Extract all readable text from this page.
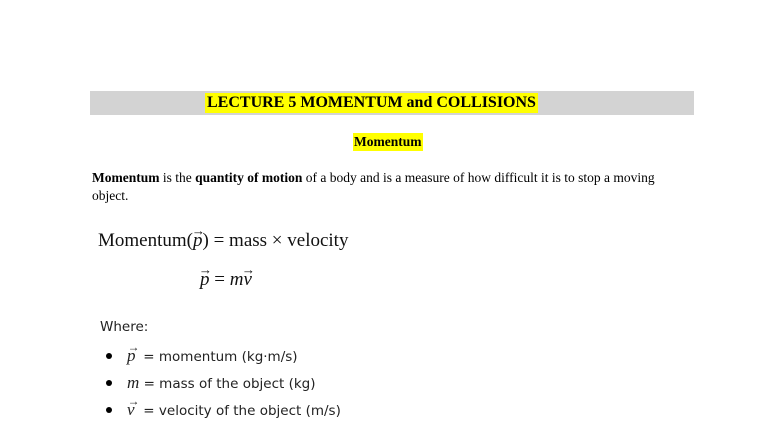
LECTURE 5 MOMENTUM and COLLISIONS
Momentum
Momentum is the quantity of motion of a body and is a measure of how difficult it is to stop a moving object.
Momentum(→ p) = mass × velocity
→ p = m→ v
Where:
→ p = momentum (kg·m/s)
m = mass of the object (kg)
→ v = velocity of the object (m/s)
